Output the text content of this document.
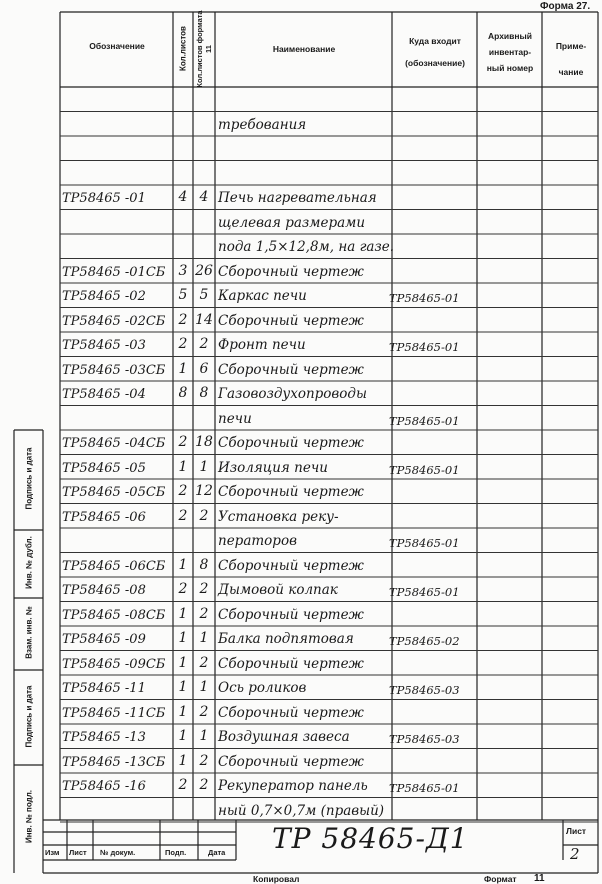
Форма 27.
Обозначение	Кол.листов Кол.листов формата 11	Наименование
Куда входит (обозначение)
Архивный инвентар- ный номер
Приме- чание
требования
ТР58465 -01	4 4 Печь нагревательная
щелевая размерами
пода 1,5×12,8м, на газе.
ТР58465 -01СБ 3 26 Сборочный чертеж
ТР58465 -02	5 5 Каркас печи	ТР58465-01
ТР58465 -02СБ 2 14 Сборочный чертеж
ТР58465 -03	2 2 Фронт печи	ТР58465-01
ТР58465 -03СБ 1 6 Сборочный чертеж
ТР58465 -04	8 8 Газовоздухопроводы
печи	ТР58465-01
ТР58465 -04СБ 2 18 Сборочный чертеж
ТР58465 -05	1 1 Изоляция печи	ТР58465-01
ТР58465 -05СБ 2 12 Сборочный чертеж
ТР58465 -06	2 2 Установка реку-
ператоров	ТР58465-01
ТР58465 -06СБ 1 8 Сборочный чертеж
ТР58465 -08	2 2 Дымовой колпак	ТР58465-01
ТР58465 -08СБ 1 2 Сборочный чертеж
ТР58465 -09	1 1 Балка подпятовая	ТР58465-02
ТР58465 -09СБ 1 2 Сборочный чертеж
ТР58465 -11	1 1 Ось роликов	ТР58465-03
ТР58465 -11СБ 1 2 Сборочный чертеж
ТР58465 -13	1 1 Воздушная завеса	ТР58465-03
ТР58465 -13СБ 1 2 Сборочный чертеж
ТР58465 -16	2 2 Рекуператор панель ТР58465-01
ный 0,7×0,7м (правый)
Подпись и дата
Инв. № дубл.
Взам. инв. №
Подпись и дата
Инв. № подл.
Изм Лист № докум.	Подп.	Дата ТР 58465-Д1	Лист
2
Копировал	Формат 11
